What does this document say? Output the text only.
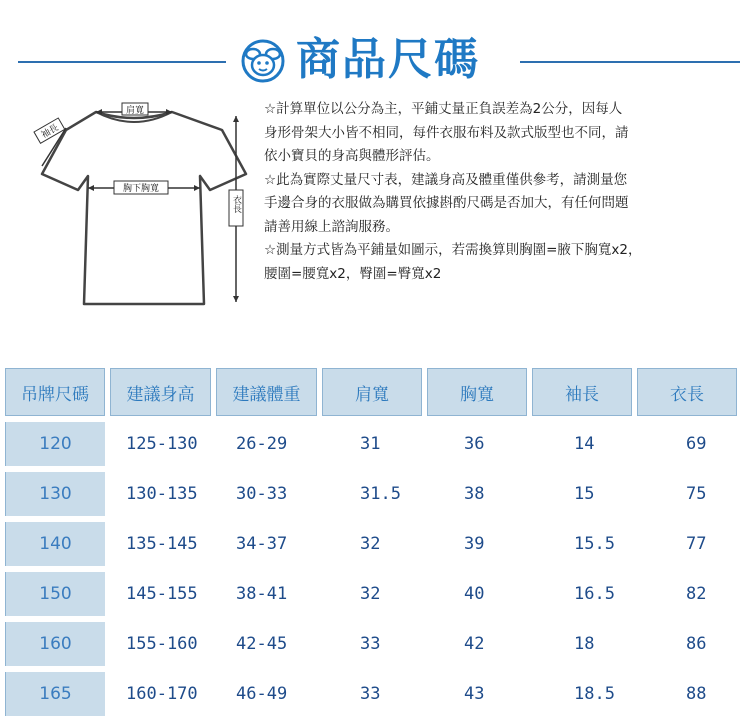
商品尺碼
肩寬
袖長
胸下胸寬
衣長

☆計算單位以公分為主，平鋪丈量正負誤差為2公分，因每人

身形骨架大小皆不相同，每件衣服布料及款式版型也不同，請

依小寶貝的身高與體形評估。

☆此為實際丈量尺寸表，建議身高及體重僅供參考，請測量您

手邊合身的衣服做為購買依據斟酌尺碼是否加大，有任何問題

請善用線上諮詢服務。

☆測量方式皆為平鋪量如圖示，若需換算則胸圍=腋下胸寬x2，

腰圍=腰寬x2，臀圍=臀寬x2

吊牌尺碼	建議身高	建議體重	肩寬	胸寬	袖長	衣長
120	125-130	26-29	31	36	14	69
130	130-135	30-33	31.5	38	15	75
140	135-145	34-37	32	39	15.5	77
150	145-155	38-41	32	40	16.5	82
160	155-160	42-45	33	42	18	86
165	160-170	46-49	33	43	18.5	88
